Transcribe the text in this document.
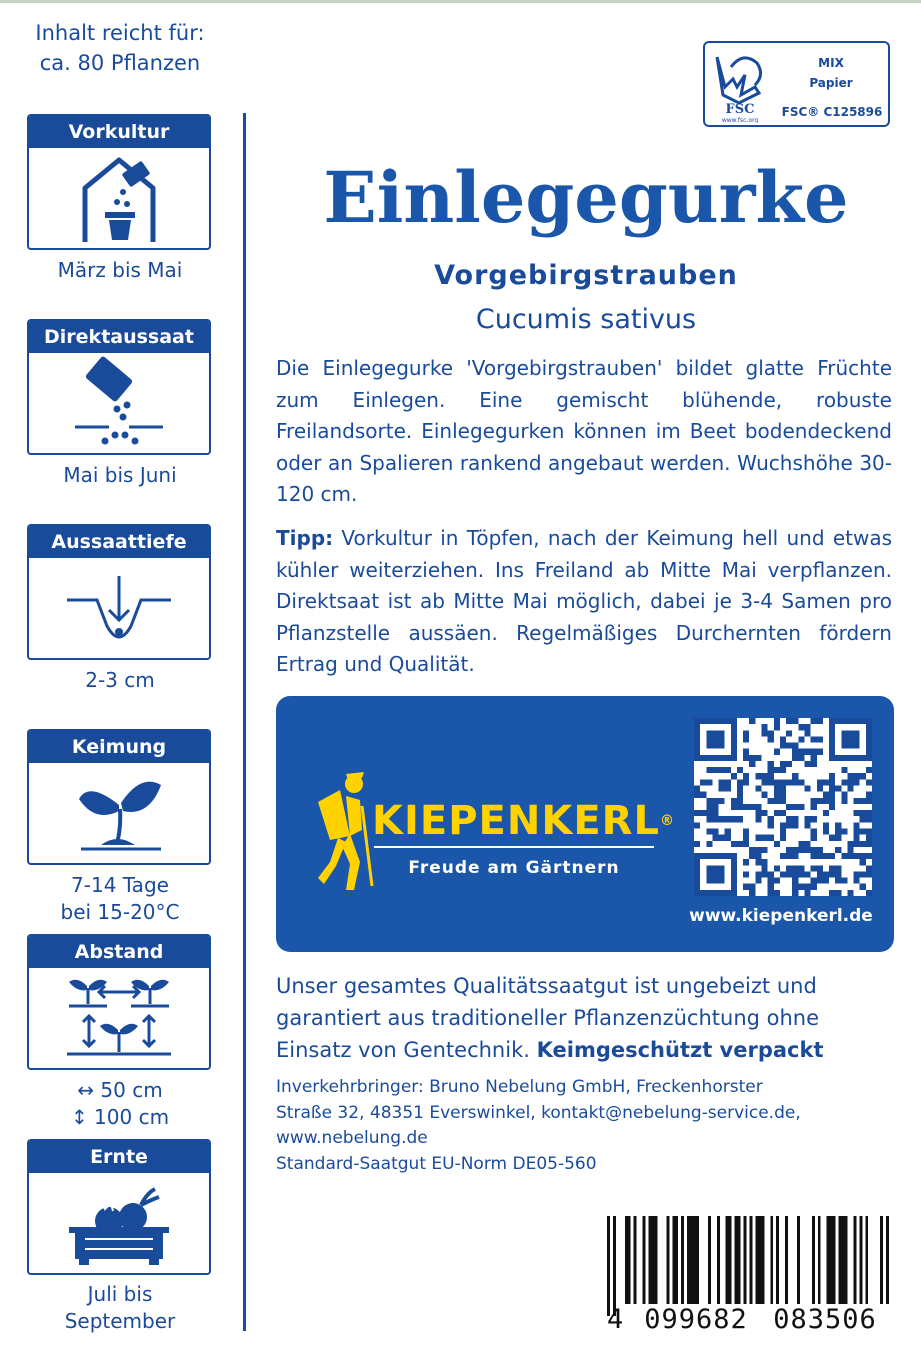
Inhalt reicht für:
ca. 80 Pflanzen
Vorkultur
März bis Mai
Direktaussaat
Mai bis Juni
Aussaattiefe
2-3 cm
Keimung
7-14 Tage
bei 15-20°C
Abstand
↔ 50 cm
↕ 100 cm
Ernte
Juli bis
September
FSC
www.fsc.org
MIX
Papier
FSC® C125896
Einlegegurke
Vorgebirgstrauben
Cucumis sativus
Die Einlegegurke 'Vorgebirgstrauben' bildet glatte Früchte zum Einlegen. Eine gemischt blühende, robuste Freilandsorte. Einlegegurken können im Beet bodendeckend oder an Spalieren rankend angebaut werden. Wuchshöhe 30-120 cm.
Tipp: Vorkultur in Töpfen, nach der Keimung hell und etwas kühler weiterziehen. Ins Freiland ab Mitte Mai verpflanzen. Direktsaat ist ab Mitte Mai möglich, dabei je 3-4 Samen pro Pflanzstelle aussäen. Regelmäßiges Durchernten fördern Ertrag und Qualität.
KIEPENKERL®
Freude am Gärtnern
www.kiepenkerl.de
Unser gesamtes Qualitätssaatgut ist ungebeizt und garantiert aus traditioneller Pflanzenzüchtung ohne Einsatz von Gentechnik. Keimgeschützt verpackt
Inverkehrbringer: Bruno Nebelung GmbH, Freckenhorster
Straße 32, 48351 Everswinkel, kontakt@nebelung-service.de,
www.nebelung.de
Standard-Saatgut EU-Norm DE05-560
4 099682 083506
